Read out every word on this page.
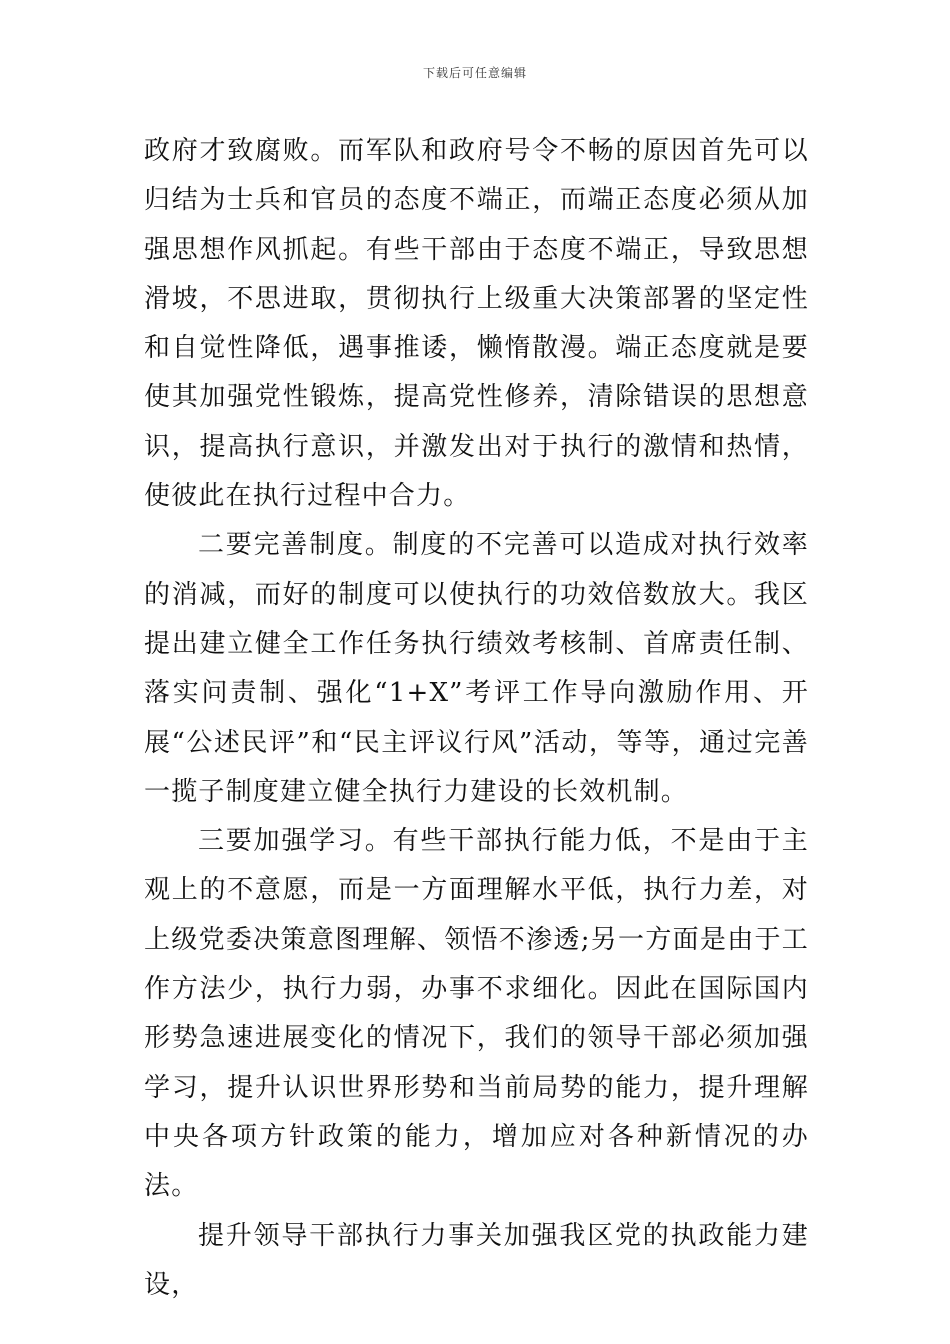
下载后可任意编辑

政府才致腐败。而军队和政府号令不畅的原因首先可以归结为士兵和官员的态度不端正，而端正态度必须从加强思想作风抓起。有些干部由于态度不端正，导致思想滑坡，不思进取，贯彻执行上级重大决策部署的坚定性和自觉性降低，遇事推诿，懒惰散漫。端正态度就是要使其加强党性锻炼，提高党性修养，清除错误的思想意识，提高执行意识，并激发出对于执行的激情和热情，使彼此在执行过程中合力。

二要完善制度。制度的不完善可以造成对执行效率的消减，而好的制度可以使执行的功效倍数放大。我区提出建立健全工作任务执行绩效考核制、首席责任制、落实问责制、强化“1+X”考评工作导向激励作用、开展“公述民评”和“民主评议行风”活动，等等，通过完善一揽子制度建立健全执行力建设的长效机制。

三要加强学习。有些干部执行能力低，不是由于主观上的不意愿，而是一方面理解水平低，执行力差，对上级党委决策意图理解、领悟不渗透;另一方面是由于工作方法少，执行力弱，办事不求细化。因此在国际国内形势急速进展变化的情况下，我们的领导干部必须加强学习，提升认识世界形势和当前局势的能力，提升理解中央各项方针政策的能力，增加应对各种新情况的办法。

提升领导干部执行力事关加强我区党的执政能力建设，
